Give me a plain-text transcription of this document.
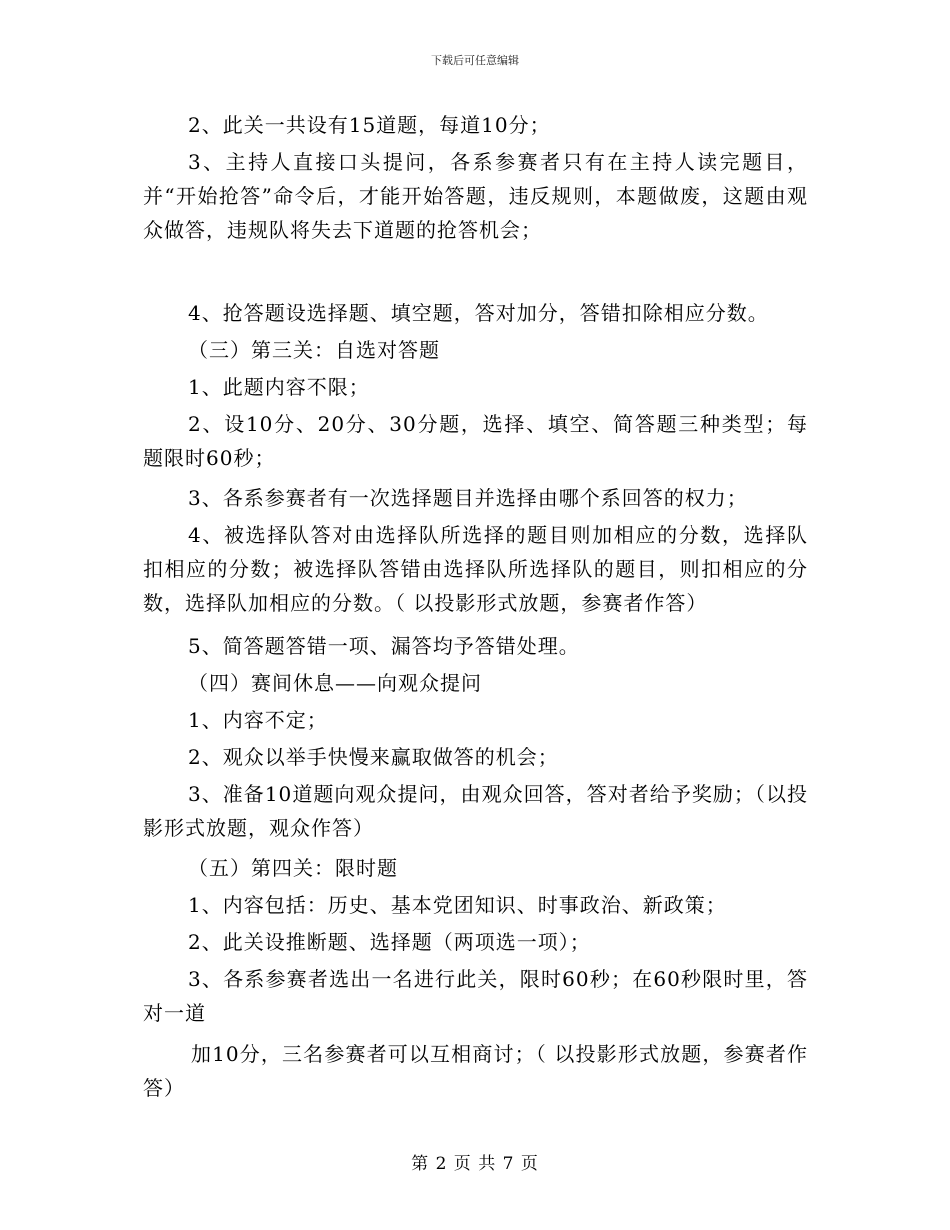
下载后可任意编辑
2、此关一共设有15道题，每道10分；
3、主持人直接口头提问，各系参赛者只有在主持人读完题目，并“开始抢答”命令后，才能开始答题，违反规则，本题做废，这题由观众做答，违规队将失去下道题的抢答机会；
4、抢答题设选择题、填空题，答对加分，答错扣除相应分数。
（三）第三关：自选对答题
1、此题内容不限；
2、设10分、20分、30分题，选择、填空、简答题三种类型；每题限时60秒；
3、各系参赛者有一次选择题目并选择由哪个系回答的权力；
4、被选择队答对由选择队所选择的题目则加相应的分数，选择队扣相应的分数；被选择队答错由选择队所选择队的题目，则扣相应的分数，选择队加相应的分数。（ 以投影形式放题，参赛者作答）
5、简答题答错一项、漏答均予答错处理。
（四）赛间休息——向观众提问
1、内容不定；
2、观众以举手快慢来赢取做答的机会；
3、准备10道题向观众提问，由观众回答，答对者给予奖励；（以投影形式放题，观众作答）
（五）第四关：限时题
1、内容包括：历史、基本党团知识、时事政治、新政策；
2、此关设推断题、选择题（两项选一项）；
3、各系参赛者选出一名进行此关，限时60秒；在60秒限时里，答对一道
加10分，三名参赛者可以互相商讨；（ 以投影形式放题，参赛者作答）
第 2 页 共 7 页
